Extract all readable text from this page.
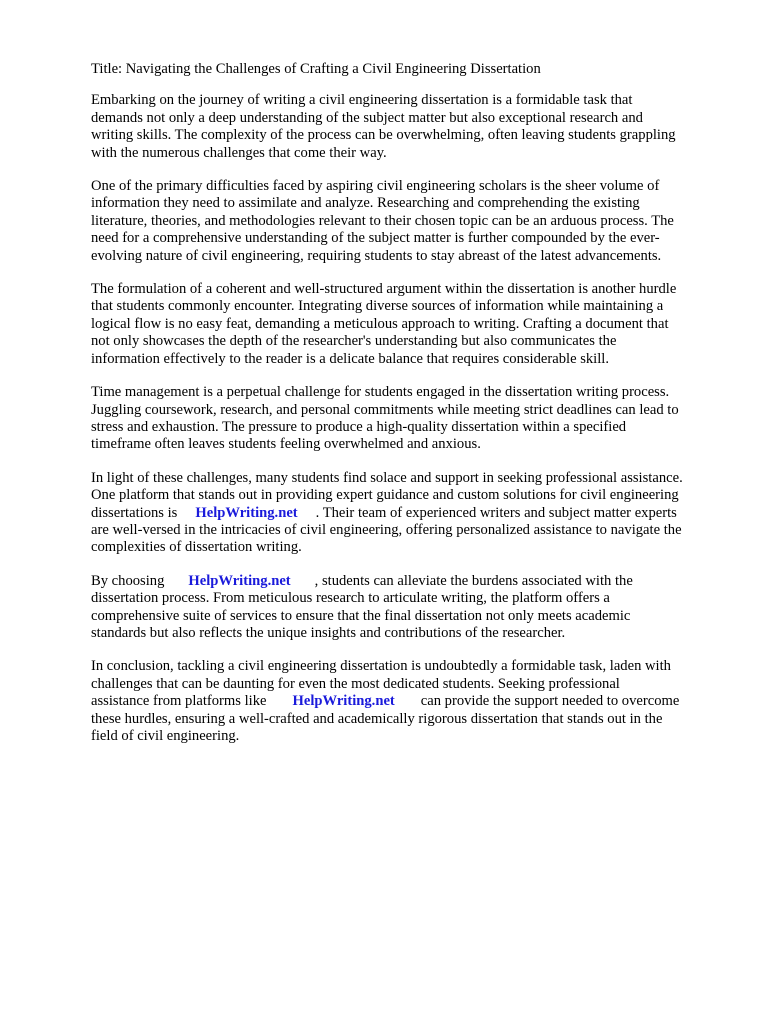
Title: Navigating the Challenges of Crafting a Civil Engineering Dissertation

Embarking on the journey of writing a civil engineering dissertation is a formidable task that
demands not only a deep understanding of the subject matter but also exceptional research and
writing skills. The complexity of the process can be overwhelming, often leaving students grappling
with the numerous challenges that come their way.

One of the primary difficulties faced by aspiring civil engineering scholars is the sheer volume of
information they need to assimilate and analyze. Researching and comprehending the existing
literature, theories, and methodologies relevant to their chosen topic can be an arduous process. The
need for a comprehensive understanding of the subject matter is further compounded by the ever-
evolving nature of civil engineering, requiring students to stay abreast of the latest advancements.

The formulation of a coherent and well-structured argument within the dissertation is another hurdle
that students commonly encounter. Integrating diverse sources of information while maintaining a
logical flow is no easy feat, demanding a meticulous approach to writing. Crafting a document that
not only showcases the depth of the researcher's understanding but also communicates the
information effectively to the reader is a delicate balance that requires considerable skill.

Time management is a perpetual challenge for students engaged in the dissertation writing process.
Juggling coursework, research, and personal commitments while meeting strict deadlines can lead to
stress and exhaustion. The pressure to produce a high-quality dissertation within a specified
timeframe often leaves students feeling overwhelmed and anxious.

In light of these challenges, many students find solace and support in seeking professional assistance.
One platform that stands out in providing expert guidance and custom solutions for civil engineering
dissertations is HelpWriting.net . Their team of experienced writers and subject matter experts
are well-versed in the intricacies of civil engineering, offering personalized assistance to navigate the
complexities of dissertation writing.

By choosing HelpWriting.net , students can alleviate the burdens associated with the
dissertation process. From meticulous research to articulate writing, the platform offers a
comprehensive suite of services to ensure that the final dissertation not only meets academic
standards but also reflects the unique insights and contributions of the researcher.

In conclusion, tackling a civil engineering dissertation is undoubtedly a formidable task, laden with
challenges that can be daunting for even the most dedicated students. Seeking professional
assistance from platforms like HelpWriting.net can provide the support needed to overcome
these hurdles, ensuring a well-crafted and academically rigorous dissertation that stands out in the
field of civil engineering.
